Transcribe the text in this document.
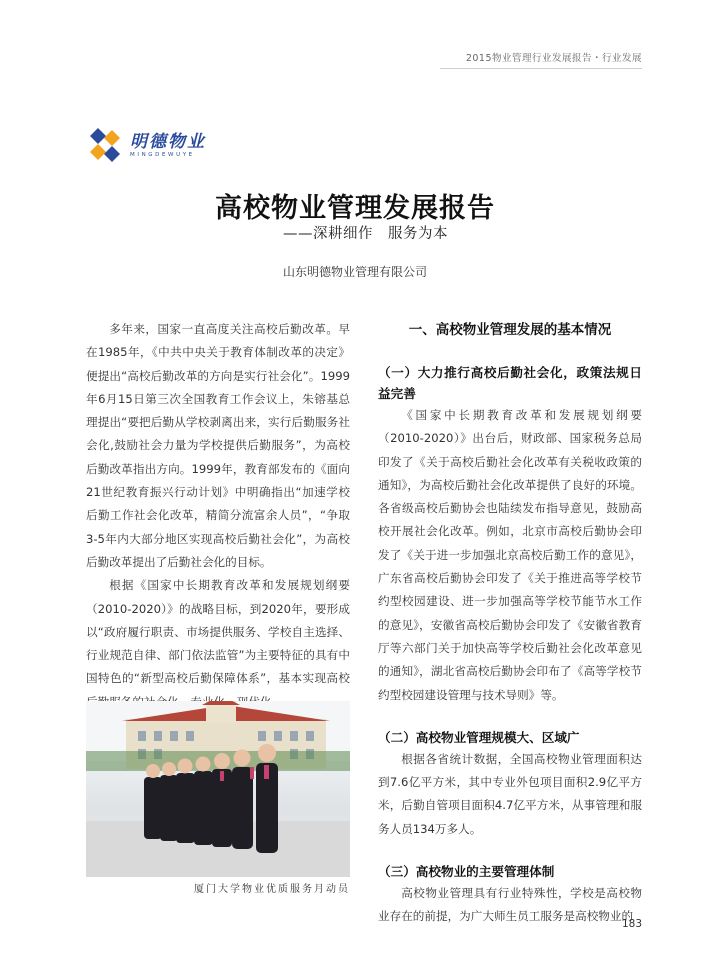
2015物业管理行业发展报告・行业发展
明德物业
MINGDEWUYE
高校物业管理发展报告
——深耕细作　服务为本
山东明德物业管理有限公司

多年来，国家一直高度关注高校后勤改革。早在1985年，《中共中央关于教育体制改革的决定》便提出“高校后勤改革的方向是实行社会化”。1999年6月15日第三次全国教育工作会议上，朱镕基总理提出“要把后勤从学校剥离出来，实行后勤服务社会化,鼓励社会力量为学校提供后勤服务”，为高校后勤改革指出方向。1999年，教育部发布的《面向21世纪教育振兴行动计划》中明确指出“加速学校后勤工作社会化改革，精简分流富余人员”，“争取3-5年内大部分地区实现高校后勤社会化”，为高校后勤改革提出了后勤社会化的目标。

根据《国家中长期教育改革和发展规划纲要（2010-2020）》的战略目标，到2020年，要形成以“政府履行职责、市场提供服务、学校自主选择、行业规范自律、部门依法监管”为主要特征的具有中国特色的“新型高校后勤保障体系”，基本实现高校

厦门大学物业优质服务月动员
一、高校物业管理发展的基本情况
（一）大力推行高校后勤社会化，政策法规日益完善

《国家中长期教育改革和发展规划纲要（2010-2020）》出台后，财政部、国家税务总局印发了《关于高校后勤社会化改革有关税收政策的通知》，为高校后勤社会化改革提供了良好的环境。各省级高校后勤协会也陆续发布指导意见，鼓励高校开展社会化改革。例如，北京市高校后勤协会印发了《关于进一步加强北京高校后勤工作的意见》，广东省高校后勤协会印发了《关于推进高等学校节约型校园建设、进一步加强高等学校节能节水工作的意见》，安徽省高校后勤协会印发了《安徽省教育厅等六部门关于加快高等学校后勤社会化改革意见的通知》，湖北省高校后勤协会印布了《高等学校节约型校园建设管理与技术导则》等。

（二）高校物业管理规模大、区域广

根据各省统计数据，全国高校物业管理面积达到7.6亿平方米，其中专业外包项目面积2.9亿平方米，后勤自管项目面积4.7亿平方米，从事管理和服务人员134万多人。

（三）高校物业的主要管理体制

高校物业管理具有行业特殊性，学校是高校物业存在的前提，为广大师生员工服务是高校物业的

183
